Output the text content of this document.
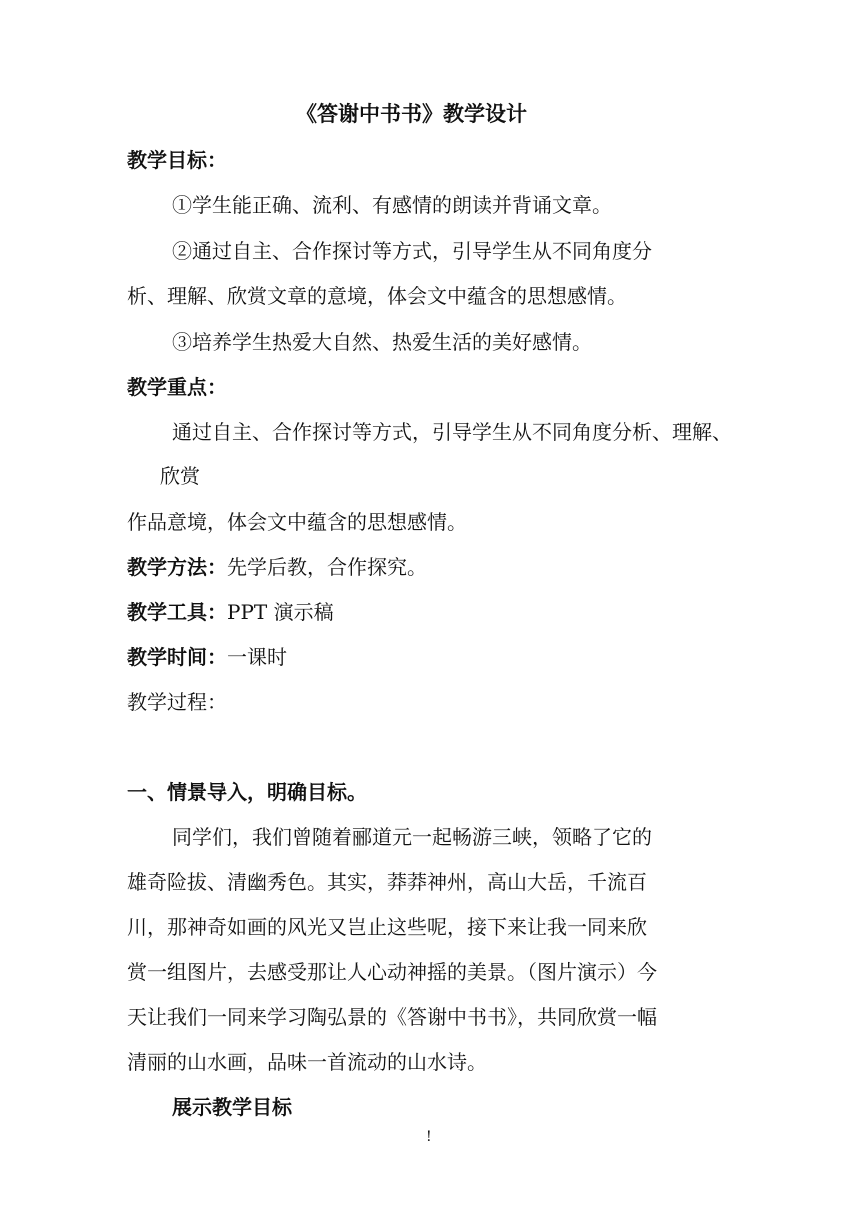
《答谢中书书》教学设计
教学目标：
①学生能正确、流利、有感情的朗读并背诵文章。
②通过自主、合作探讨等方式，引导学生从不同角度分
析、理解、欣赏文章的意境，体会文中蕴含的思想感情。
③培养学生热爱大自然、热爱生活的美好感情。
教学重点：
通过自主、合作探讨等方式，引导学生从不同角度分析、理解、
欣赏
作品意境，体会文中蕴含的思想感情。
教学方法：先学后教，合作探究。
教学工具：PPT 演示稿
教学时间：一课时
教学过程：
一、情景导入，明确目标。
同学们，我们曾随着郦道元一起畅游三峡，领略了它的
雄奇险拔、清幽秀色。其实，莽莽神州，高山大岳，千流百
川，那神奇如画的风光又岂止这些呢，接下来让我一同来欣
赏一组图片，去感受那让人心动神摇的美景。（图片演示）今
天让我们一同来学习陶弘景的《答谢中书书》，共同欣赏一幅
清丽的山水画，品味一首流动的山水诗。
展示教学目标
!
